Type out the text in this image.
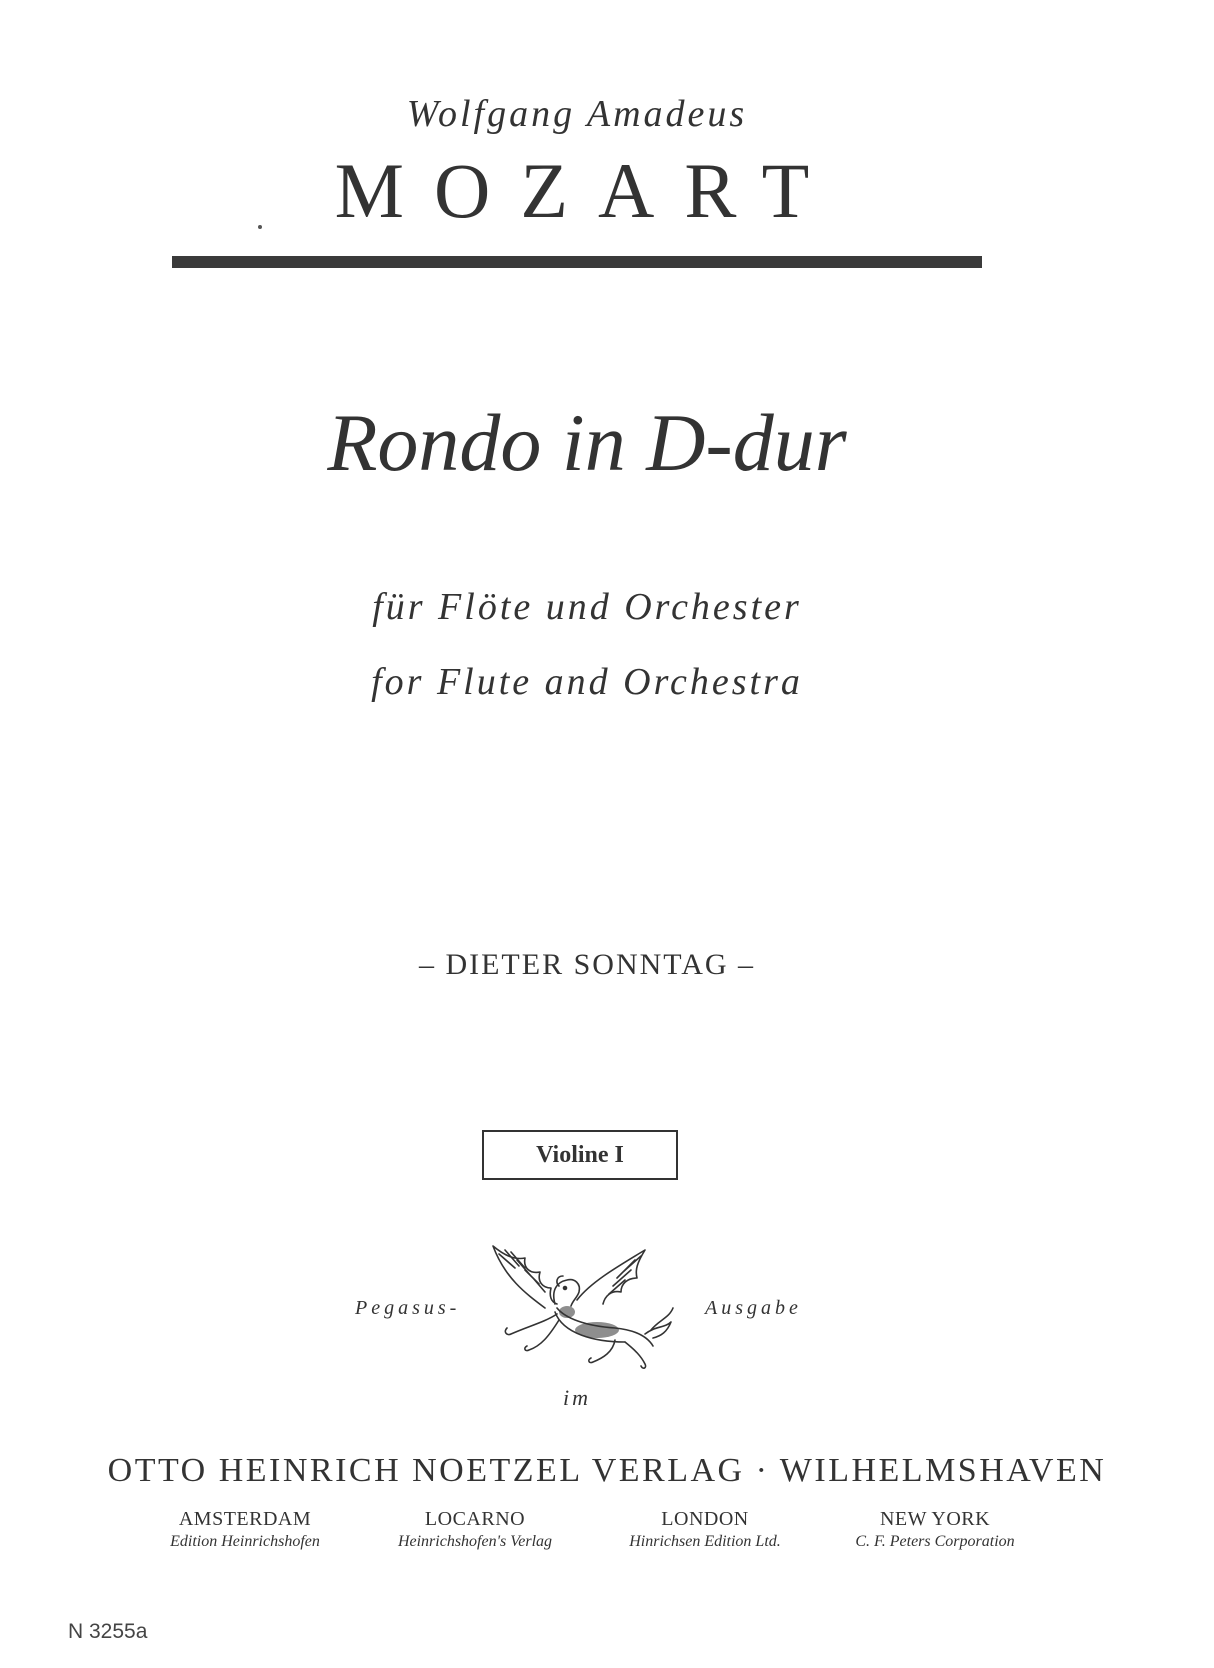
Wolfgang Amadeus
MOZART
Rondo in D-dur
für Flöte und Orchester
for Flute and Orchestra
– DIETER SONNTAG –
Violine I
Pegasus-	Ausgabe
im
OTTO HEINRICH NOETZEL VERLAG · WILHELMSHAVEN
AMSTERDAM
Edition Heinrichshofen
LOCARNO
Heinrichshofen's Verlag
LONDON
Hinrichsen Edition Ltd.
NEW YORK
C. F. Peters Corporation
N 3255a
